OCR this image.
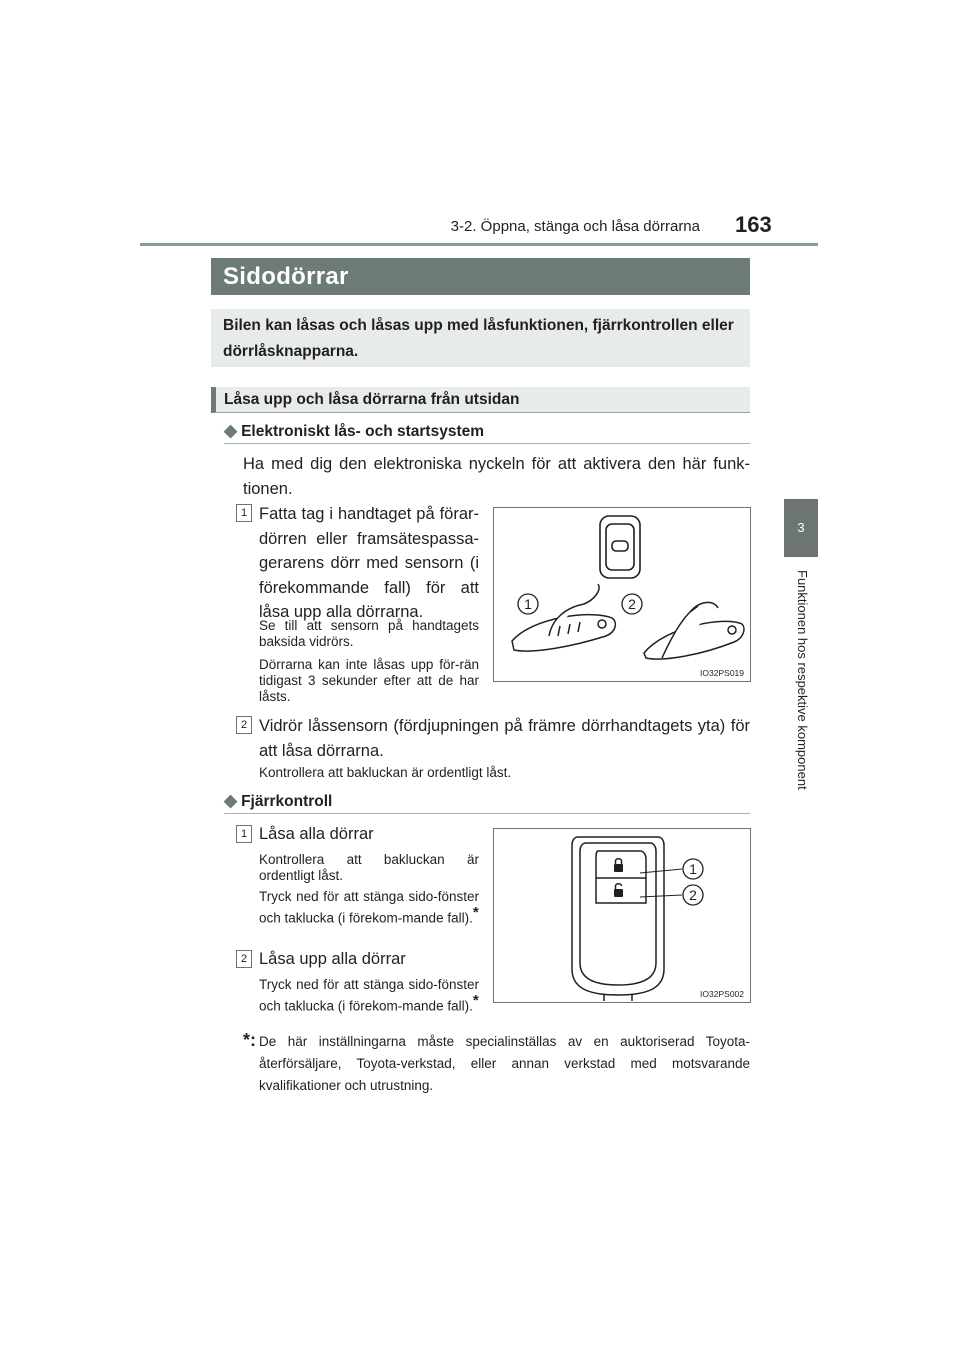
3-2. Öppna, stänga och låsa dörrarna 163
3
Funktionen hos respektive komponent
Sidodörrar
Bilen kan låsas och låsas upp med låsfunktionen, fjärrkontrollen eller dörrlåsknapparna.
Låsa upp och låsa dörrarna från utsidan
◆ Elektroniskt lås- och startsystem
Ha med dig den elektroniska nyckeln för att aktivera den här funk-tionen.
1 Fatta tag i handtaget på förar-dörren eller framsätespassa-gerarens dörr med sensorn (i förekommande fall) för att låsa upp alla dörrarna.
Se till att sensorn på handtagets baksida vidrörs.
Dörrarna kan inte låsas upp för-rän tidigast 3 sekunder efter att de har låsts.
1	2
IO32PS019
2 Vidrör låssensorn (fördjupningen på främre dörrhandtagets yta) för att låsa dörrarna.
Kontrollera att bakluckan är ordentligt låst.
◆ Fjärrkontroll
1 Låsa alla dörrar
Kontrollera att bakluckan är ordentligt låst.
Tryck ned för att stänga sido-fönster och taklucka (i förekom-mande fall).*
2 Låsa upp alla dörrar
Tryck ned för att stänga sido-fönster och taklucka (i förekom-mande fall).*
1
2
IO32PS002
*: De här inställningarna måste specialinställas av en auktoriserad Toyota-återförsäljare, Toyota-verkstad, eller annan verkstad med motsvarande kvalifikationer och utrustning.
